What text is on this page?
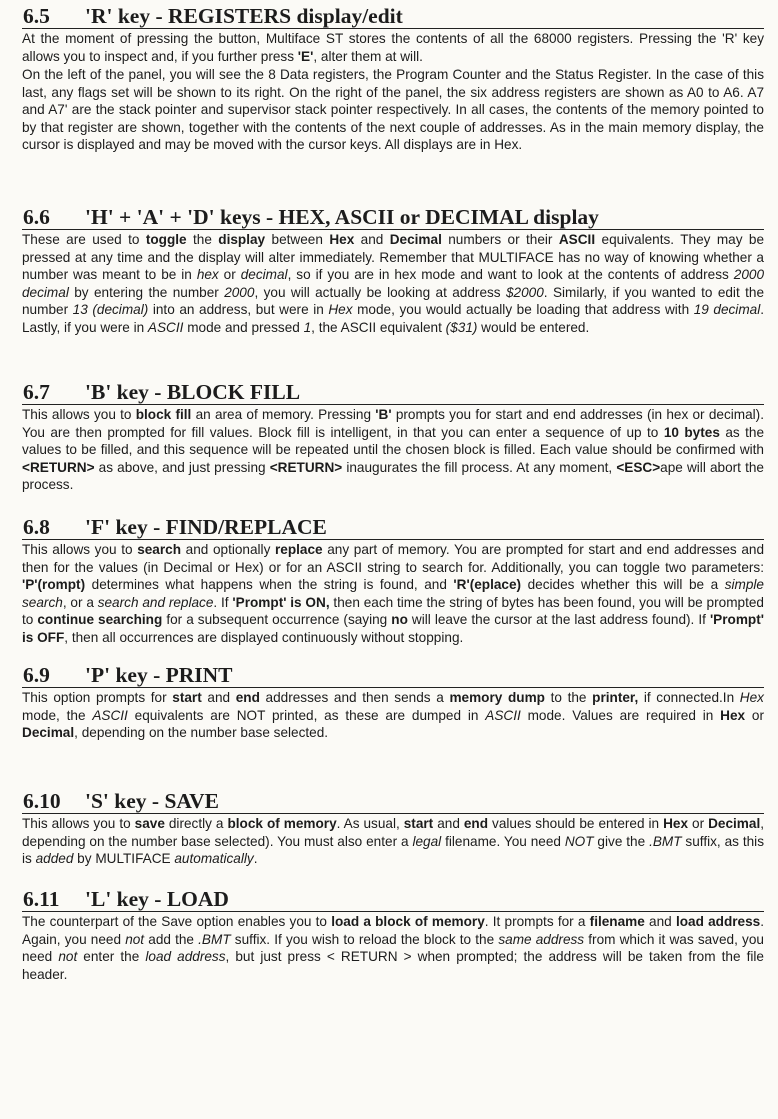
6.5 'R' key - REGISTERS display/edit
At the moment of pressing the button, Multiface ST stores the contents of all the 68000 registers. Pressing the 'R' key allows you to inspect and, if you further press 'E', alter them at will.
On the left of the panel, you will see the 8 Data registers, the Program Counter and the Status Register. In the case of this last, any flags set will be shown to its right. On the right of the panel, the six address registers are shown as A0 to A6. A7 and A7' are the stack pointer and supervisor stack pointer respectively. In all cases, the contents of the memory pointed to by that register are shown, together with the contents of the next couple of addresses. As in the main memory display, the cursor is displayed and may be moved with the cursor keys. All displays are in Hex.
6.6 'H' + 'A' + 'D' keys - HEX, ASCII or DECIMAL display
These are used to toggle the display between Hex and Decimal numbers or their ASCII equivalents. They may be pressed at any time and the display will alter immediately. Remember that MULTIFACE has no way of knowing whether a number was meant to be in hex or decimal, so if you are in hex mode and want to look at the contents of address 2000 decimal by entering the number 2000, you will actually be looking at address $2000. Similarly, if you wanted to edit the number 13 (decimal) into an address, but were in Hex mode, you would actually be loading that address with 19 decimal. Lastly, if you were in ASCII mode and pressed 1, the ASCII equivalent ($31) would be entered.
6.7 'B' key - BLOCK FILL
This allows you to block fill an area of memory. Pressing 'B' prompts you for start and end addresses (in hex or decimal). You are then prompted for fill values. Block fill is intelligent, in that you can enter a sequence of up to 10 bytes as the values to be filled, and this sequence will be repeated until the chosen block is filled. Each value should be confirmed with <RETURN> as above, and just pressing <RETURN> inaugurates the fill process. At any moment, <ESC>ape will abort the process.
6.8 'F' key - FIND/REPLACE
This allows you to search and optionally replace any part of memory. You are prompted for start and end addresses and then for the values (in Decimal or Hex) or for an ASCII string to search for. Additionally, you can toggle two parameters: 'P'(rompt) determines what happens when the string is found, and 'R'(eplace) decides whether this will be a simple search, or a search and replace. If 'Prompt' is ON, then each time the string of bytes has been found, you will be prompted to continue searching for a subsequent occurrence (saying no will leave the cursor at the last address found). If 'Prompt' is OFF, then all occurrences are displayed continuously without stopping.
6.9 'P' key - PRINT
This option prompts for start and end addresses and then sends a memory dump to the printer, if connected.In Hex mode, the ASCII equivalents are NOT printed, as these are dumped in ASCII mode. Values are required in Hex or Decimal, depending on the number base selected.
6.10 'S' key - SAVE
This allows you to save directly a block of memory. As usual, start and end values should be entered in Hex or Decimal, depending on the number base selected). You must also enter a legal filename. You need NOT give the .BMT suffix, as this is added by MULTIFACE automatically.
6.11 'L' key - LOAD
The counterpart of the Save option enables you to load a block of memory. It prompts for a filename and load address. Again, you need not add the .BMT suffix. If you wish to reload the block to the same address from which it was saved, you need not enter the load address, but just press < RETURN > when prompted; the address will be taken from the file header.
